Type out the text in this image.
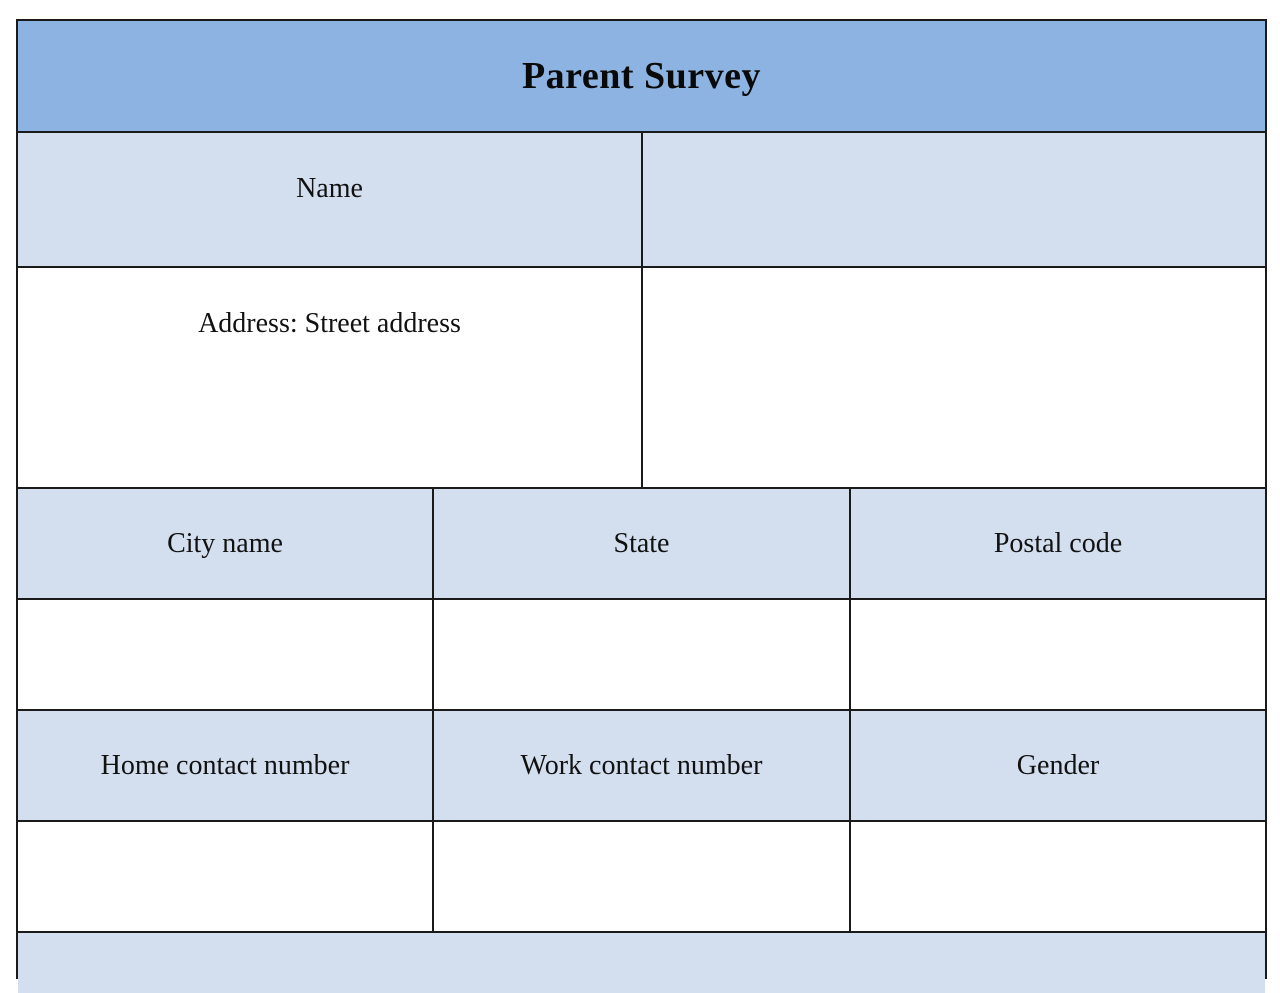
Parent Survey
Name
Address: Street address
City name	State	Postal code
Home contact number	Work contact number	Gender
